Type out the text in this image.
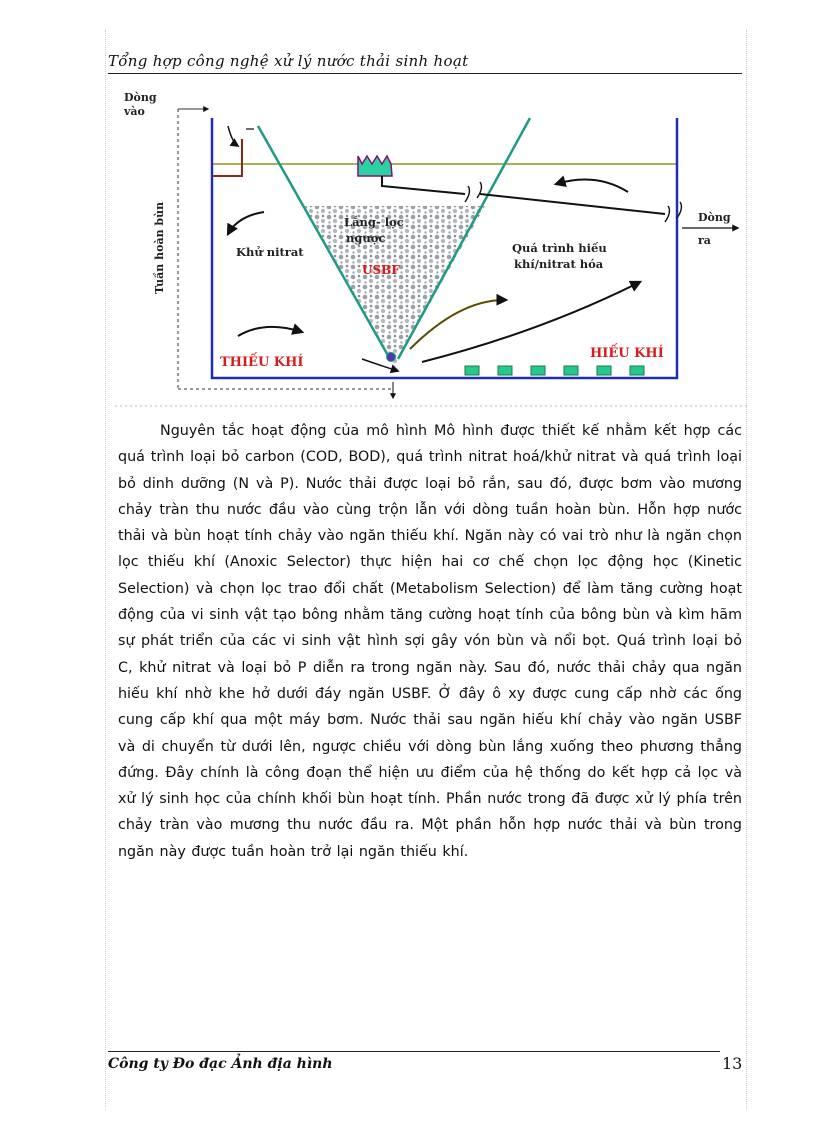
Tổng hợp công nghệ xử lý nước thải sinh hoạt
Dòng
vào
Tuần hoàn bùn	Dòng
ra
Lắng- lọc
ngược
USBF
Khử nitrat	Quá trình hiếu
khí/nitrat hóa
THIẾU KHÍ
HIẾU KHÍ

Nguyên tắc hoạt động của mô hình Mô hình được thiết kế nhằm kết hợp các quá trình loại bỏ carbon (COD, BOD), quá trình nitrat hoá/khử nitrat và quá trình loại bỏ dinh dưỡng (N và P). Nước thải được loại bỏ rắn, sau đó, được bơm vào mương chảy tràn thu nước đầu vào cùng trộn lẫn với dòng tuần hoàn bùn. Hỗn hợp nước thải và bùn hoạt tính chảy vào ngăn thiếu khí. Ngăn này có vai trò như là ngăn chọn lọc thiếu khí (Anoxic Selector) thực hiện hai cơ chế chọn lọc động học (Kinetic Selection) và chọn lọc trao đổi chất (Metabolism Selection) để làm tăng cường hoạt động của vi sinh vật tạo bông nhằm tăng cường hoạt tính của bông bùn và kìm hãm sự phát triển của các vi sinh vật hình sợi gây vón bùn và nổi bọt. Quá trình loại bỏ C, khử nitrat và loại bỏ P diễn ra trong ngăn này. Sau đó, nước thải chảy qua ngăn hiếu khí nhờ khe hở dưới đáy ngăn USBF. Ở đây ô xy được cung cấp nhờ các ống cung cấp khí qua một máy bơm. Nước thải sau ngăn hiếu khí chảy vào ngăn USBF và di chuyển từ dưới lên, ngược chiều với dòng bùn lắng xuống theo phương thẳng đứng. Đây chính là công đoạn thể hiện ưu điểm của hệ thống do kết hợp cả lọc và xử lý sinh học của chính khối bùn hoạt tính. Phần nước trong đã được xử lý phía trên chảy tràn vào mương thu nước đầu ra. Một phần hỗn hợp nước thải và bùn trong ngăn này được tuần hoàn trở lại ngăn thiếu khí.

Công ty Đo đạc Ảnh địa hình	13
